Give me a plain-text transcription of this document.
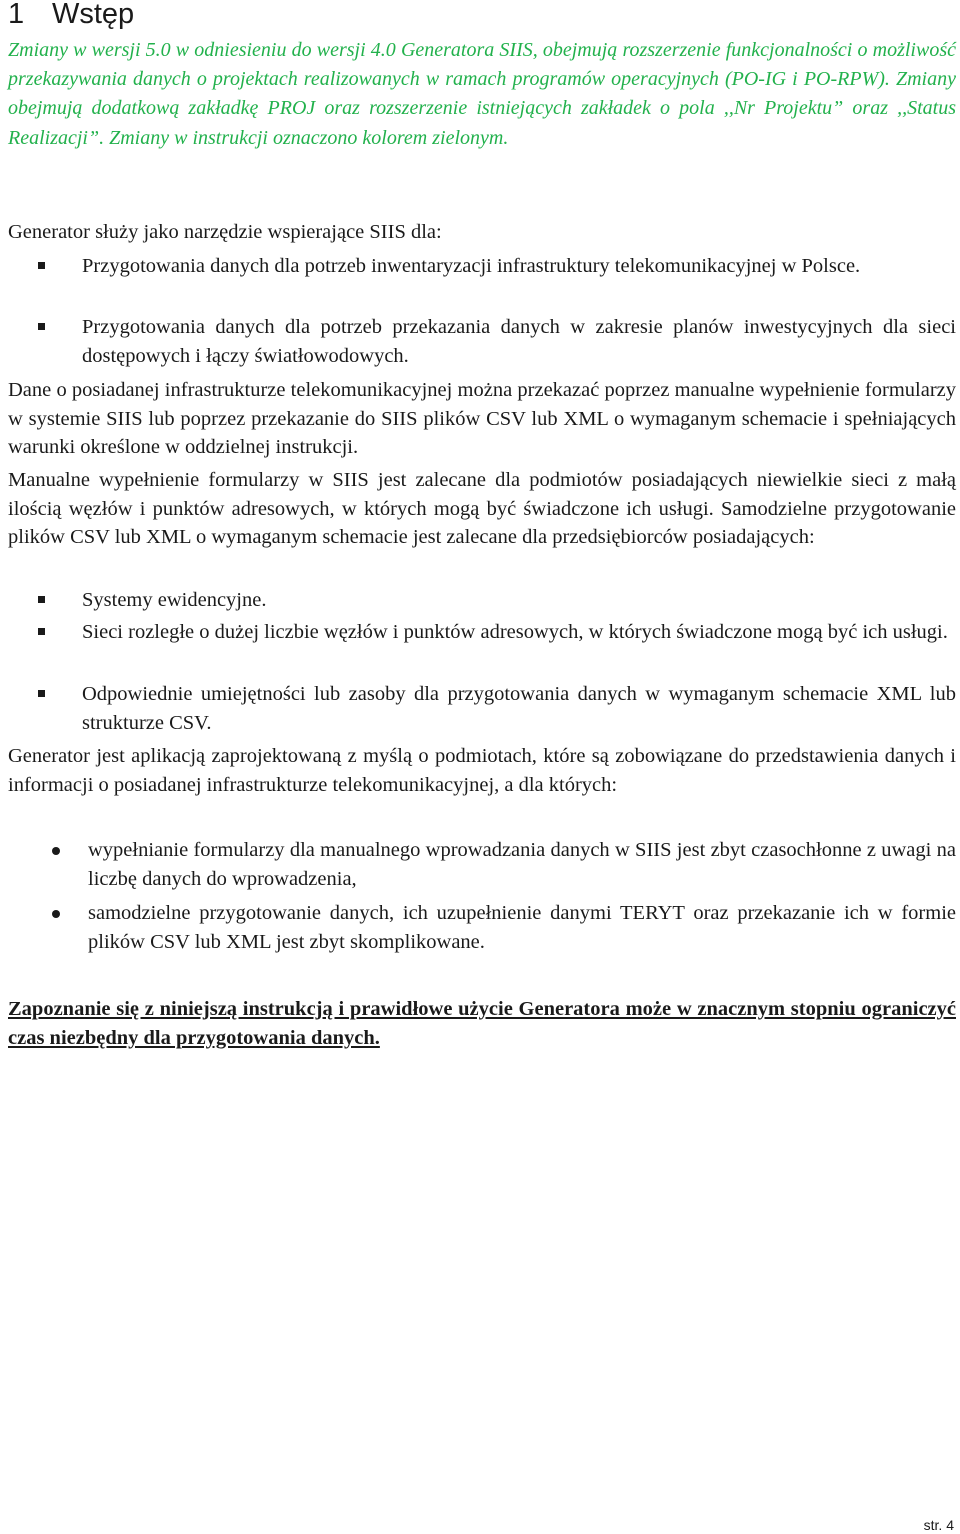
1 Wstęp

Zmiany w wersji 5.0 w odniesieniu do wersji 4.0 Generatora SIIS, obejmują rozszerzenie funkcjonalności o możliwość przekazywania danych o projektach realizowanych w ramach programów operacyjnych (PO-IG i PO-RPW). Zmiany obejmują dodatkową zakładkę PROJ oraz rozszerzenie istniejących zakładek o pola ,,Nr Projektu” oraz ,,Status Realizacji”. Zmiany w instrukcji oznaczono kolorem zielonym.

Generator służy jako narzędzie wspierające SIIS dla:

Przygotowania danych dla potrzeb inwentaryzacji infrastruktury telekomunikacyjnej w Polsce.

Przygotowania danych dla potrzeb przekazania danych w zakresie planów inwestycyjnych dla sieci dostępowych i łączy światłowodowych.

Dane o posiadanej infrastrukturze telekomunikacyjnej można przekazać poprzez manualne wypełnienie formularzy w systemie SIIS lub poprzez przekazanie do SIIS plików CSV lub XML o wymaganym schemacie i spełniających warunki określone w oddzielnej instrukcji.

Manualne wypełnienie formularzy w SIIS jest zalecane dla podmiotów posiadających niewielkie sieci z małą ilością węzłów i punktów adresowych, w których mogą być świadczone ich usługi. Samodzielne przygotowanie plików CSV lub XML o wymaganym schemacie jest zalecane dla przedsiębiorców posiadających:

Systemy ewidencyjne.

Sieci rozległe o dużej liczbie węzłów i punktów adresowych, w których świadczone mogą być ich usługi.

Odpowiednie umiejętności lub zasoby dla przygotowania danych w wymaganym schemacie XML lub strukturze CSV.

Generator jest aplikacją zaprojektowaną z myślą o podmiotach, które są zobowiązane do przedstawienia danych i informacji o posiadanej infrastrukturze telekomunikacyjnej, a dla których:

wypełnianie formularzy dla manualnego wprowadzania danych w SIIS jest zbyt czasochłonne z uwagi na liczbę danych do wprowadzenia,

samodzielne przygotowanie danych, ich uzupełnienie danymi TERYT oraz przekazanie ich w formie plików CSV lub XML jest zbyt skomplikowane.

Zapoznanie się z niniejszą instrukcją i prawidłowe użycie Generatora może w znacznym stopniu ograniczyć czas niezbędny dla przygotowania danych.

str. 4
